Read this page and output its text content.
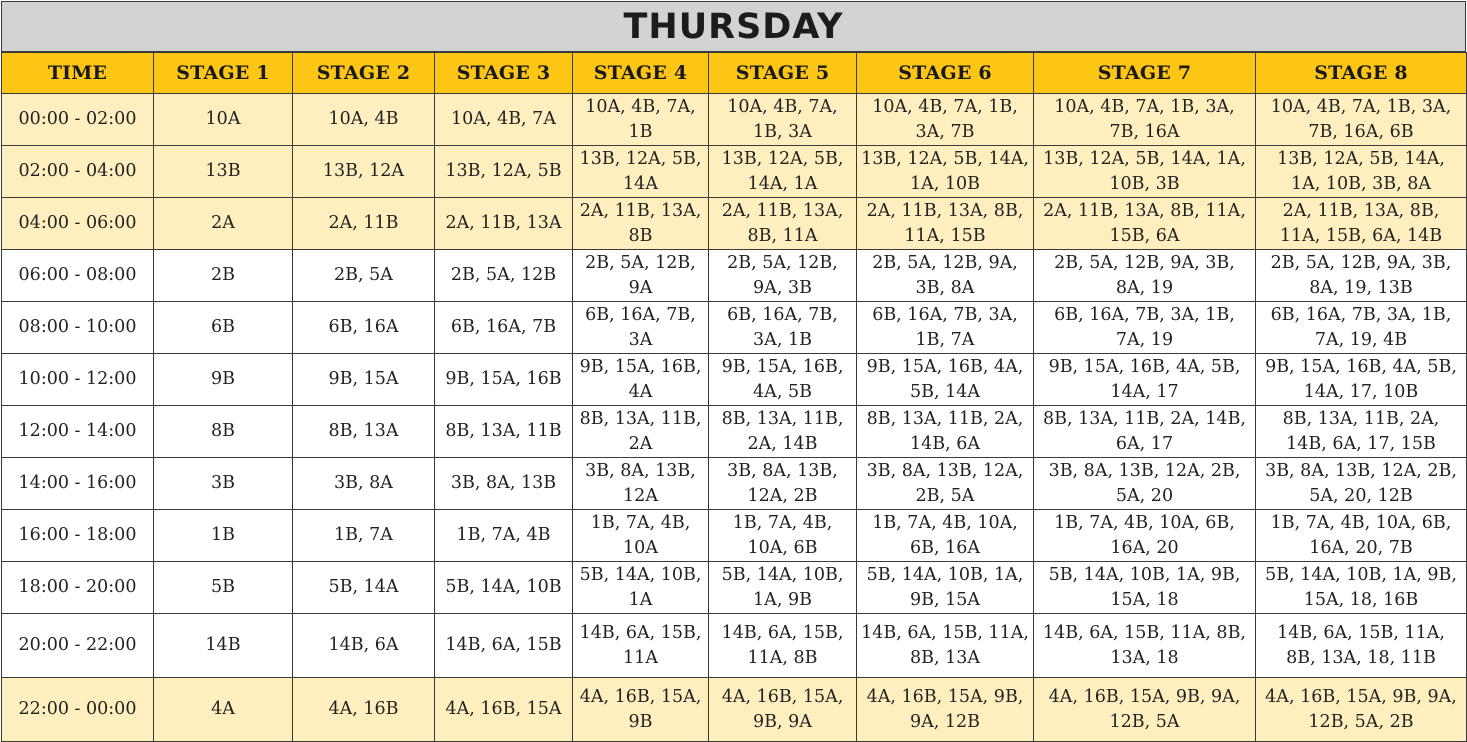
THURSDAY
TIME	STAGE 1	STAGE 2	STAGE 3	STAGE 4	STAGE 5	STAGE 6	STAGE 7	STAGE 8
00:00 - 02:00	10A	10A, 4B	10A, 4B, 7A	10A, 4B, 7A, 1B	10A, 4B, 7A, 1B, 3A	10A, 4B, 7A, 1B, 3A, 7B	10A, 4B, 7A, 1B, 3A, 7B, 16A	10A, 4B, 7A, 1B, 3A, 7B, 16A, 6B
02:00 - 04:00	13B	13B, 12A	13B, 12A, 5B	13B, 12A, 5B, 14A	13B, 12A, 5B, 14A, 1A	13B, 12A, 5B, 14A, 1A, 10B	13B, 12A, 5B, 14A, 1A, 10B, 3B	13B, 12A, 5B, 14A, 1A, 10B, 3B, 8A
04:00 - 06:00	2A	2A, 11B	2A, 11B, 13A	2A, 11B, 13A, 8B	2A, 11B, 13A, 8B, 11A	2A, 11B, 13A, 8B, 11A, 15B	2A, 11B, 13A, 8B, 11A, 15B, 6A	2A, 11B, 13A, 8B, 11A, 15B, 6A, 14B
06:00 - 08:00	2B	2B, 5A	2B, 5A, 12B	2B, 5A, 12B, 9A	2B, 5A, 12B, 9A, 3B	2B, 5A, 12B, 9A, 3B, 8A	2B, 5A, 12B, 9A, 3B, 8A, 19	2B, 5A, 12B, 9A, 3B, 8A, 19, 13B
08:00 - 10:00	6B	6B, 16A	6B, 16A, 7B	6B, 16A, 7B, 3A	6B, 16A, 7B, 3A, 1B	6B, 16A, 7B, 3A, 1B, 7A	6B, 16A, 7B, 3A, 1B, 7A, 19	6B, 16A, 7B, 3A, 1B, 7A, 19, 4B
10:00 - 12:00	9B	9B, 15A	9B, 15A, 16B	9B, 15A, 16B, 4A	9B, 15A, 16B, 4A, 5B	9B, 15A, 16B, 4A, 5B, 14A	9B, 15A, 16B, 4A, 5B, 14A, 17	9B, 15A, 16B, 4A, 5B, 14A, 17, 10B
12:00 - 14:00	8B	8B, 13A	8B, 13A, 11B	8B, 13A, 11B, 2A	8B, 13A, 11B, 2A, 14B	8B, 13A, 11B, 2A, 14B, 6A	8B, 13A, 11B, 2A, 14B, 6A, 17	8B, 13A, 11B, 2A, 14B, 6A, 17, 15B
14:00 - 16:00	3B	3B, 8A	3B, 8A, 13B	3B, 8A, 13B, 12A	3B, 8A, 13B, 12A, 2B	3B, 8A, 13B, 12A, 2B, 5A	3B, 8A, 13B, 12A, 2B, 5A, 20	3B, 8A, 13B, 12A, 2B, 5A, 20, 12B
16:00 - 18:00	1B	1B, 7A	1B, 7A, 4B	1B, 7A, 4B, 10A	1B, 7A, 4B, 10A, 6B	1B, 7A, 4B, 10A, 6B, 16A	1B, 7A, 4B, 10A, 6B, 16A, 20	1B, 7A, 4B, 10A, 6B, 16A, 20, 7B
18:00 - 20:00	5B	5B, 14A	5B, 14A, 10B	5B, 14A, 10B, 1A	5B, 14A, 10B, 1A, 9B	5B, 14A, 10B, 1A, 9B, 15A	5B, 14A, 10B, 1A, 9B, 15A, 18	5B, 14A, 10B, 1A, 9B, 15A, 18, 16B
20:00 - 22:00	14B	14B, 6A	14B, 6A, 15B	14B, 6A, 15B, 11A	14B, 6A, 15B, 11A, 8B	14B, 6A, 15B, 11A, 8B, 13A	14B, 6A, 15B, 11A, 8B, 13A, 18	14B, 6A, 15B, 11A, 8B, 13A, 18, 11B
22:00 - 00:00	4A	4A, 16B	4A, 16B, 15A	4A, 16B, 15A, 9B	4A, 16B, 15A, 9B, 9A	4A, 16B, 15A, 9B, 9A, 12B	4A, 16B, 15A, 9B, 9A, 12B, 5A	4A, 16B, 15A, 9B, 9A, 12B, 5A, 2B
